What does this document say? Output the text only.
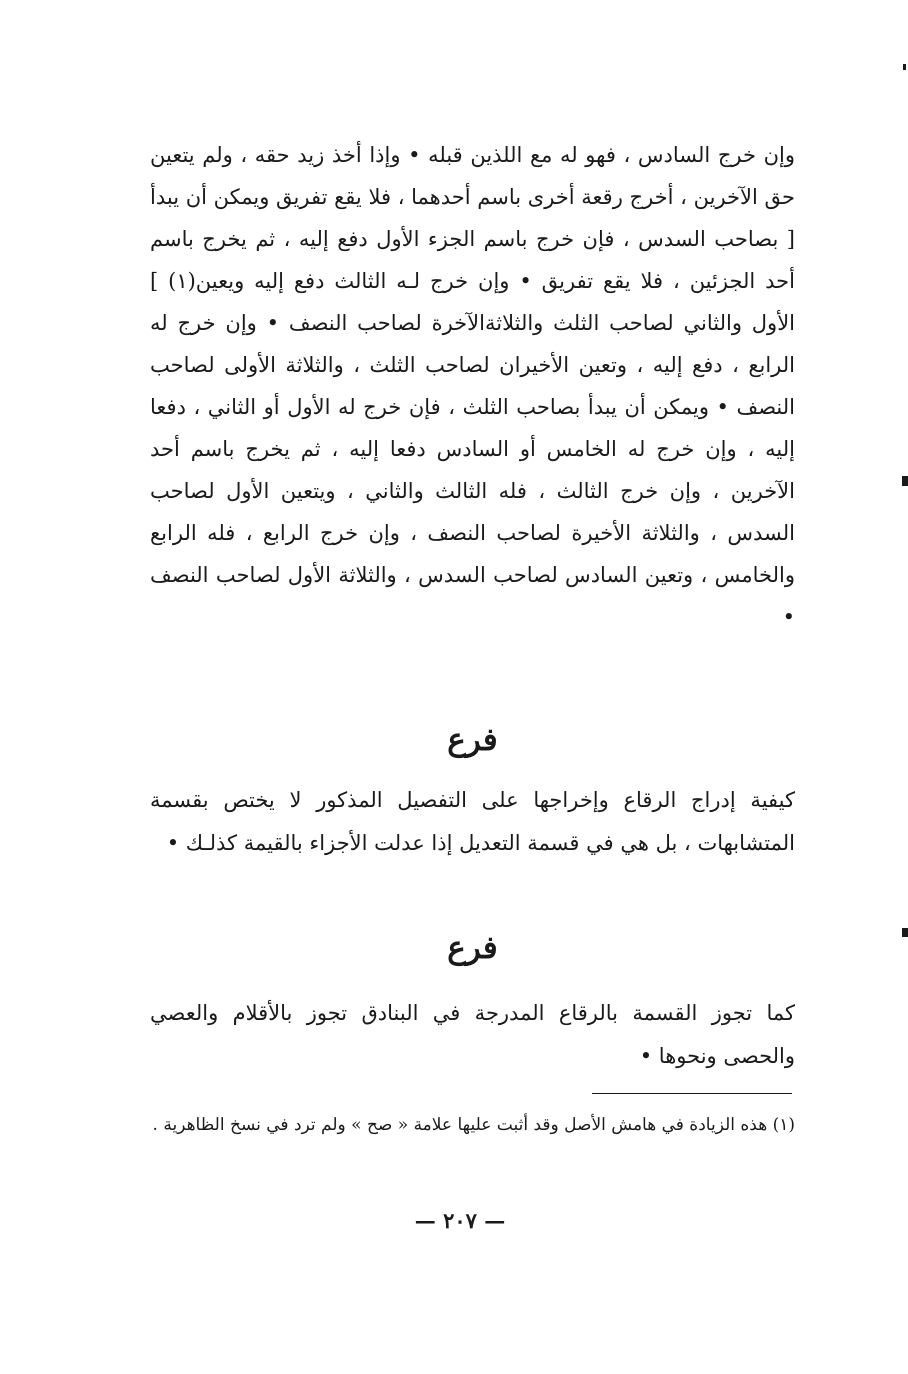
وإن خرج السادس ، فهو له مع اللذين قبله • وإذا أخذ زيد حقه ، ولم يتعين حق الآخرين ، أخرج رقعة أخرى باسم أحدهما ، فلا يقع تفريق ويمكن أن يبدأ [ بصاحب السدس ، فإن خرج باسم الجزء الأول دفع إليه ، ثم يخرج باسم أحد الجزئين ، فلا يقع تفريق • وإن خرج لـه الثالث دفع إليه ويعين(١) ] الأول والثاني لصاحب الثلث والثلاثةالآخرة لصاحب النصف • وإن خرج له الرابع ، دفع إليه ، وتعين الأخيران لصاحب الثلث ، والثلاثة الأولى لصاحب النصف • ويمكن أن يبدأ بصاحب الثلث ، فإن خرج له الأول أو الثاني ، دفعا إليه ، وإن خرج له الخامس أو السادس دفعا إليه ، ثم يخرج باسم أحد الآخرين ، وإن خرج الثالث ، فله الثالث والثاني ، ويتعين الأول لصاحب السدس ، والثلاثة الأخيرة لصاحب النصف ، وإن خرج الرابع ، فله الرابع والخامس ، وتعين السادس لصاحب السدس ، والثلاثة الأول لصاحب النصف •
فرع
كيفية إدراج الرقاع وإخراجها على التفصيل المذكور لا يختص بقسمة المتشابهات ، بل هي في قسمة التعديل إذا عدلت الأجزاء بالقيمة كذلـك •
فرع
كما تجوز القسمة بالرقاع المدرجة في البنادق تجوز بالأقلام والعصي والحصى ونحوها •
(١) هذه الزيادة في هامش الأصل وقد أثبت عليها علامة « صح » ولم ترد في نسخ الظاهرية .
— ٢٠٧ —
